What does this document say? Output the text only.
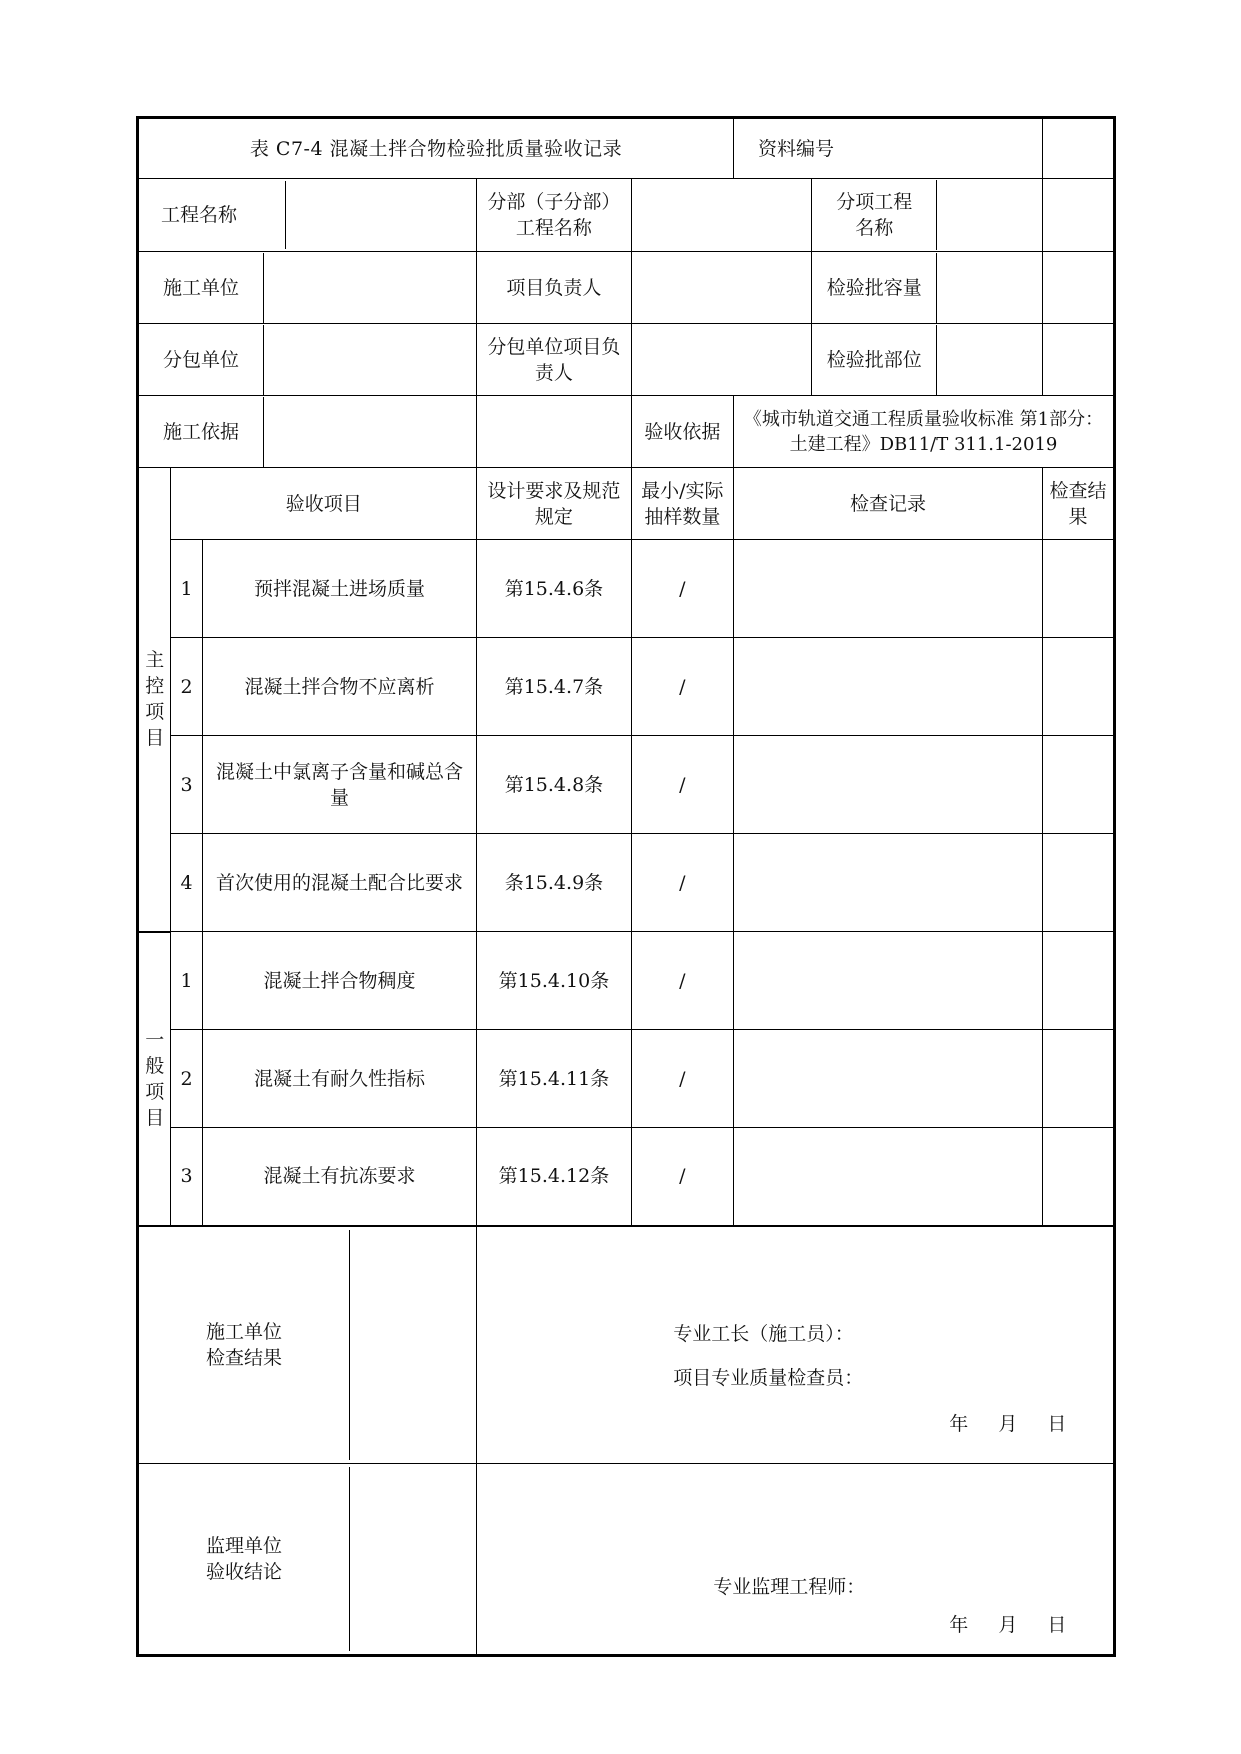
表 C7-4 混凝土拌合物检验批质量验收记录					资料编号		

工程名称			分部（子分部）工程名称			分项工程名称	

施工单位			项目负责人			检验批容量	

分包单位			分包单位项目负责人			检验批部位	

施工依据				验收依据	《城市轨道交通工程质量验收标准 第1部分：土建工程》DB11/T 311.1-2019		

主控项目	验收项目		设计要求及规范规定	最小/实际抽样数量	检查记录		检查结果
	1	预拌混凝土进场质量	第15.4.6条	/			
	2	混凝土拌合物不应离析	第15.4.7条	/			
	3	混凝土中氯离子含量和碱总含量	第15.4.8条	/			
	4	首次使用的混凝土配合比要求	条15.4.9条	/			

一般项目	1	混凝土拌合物稠度	第15.4.10条	/			
	2	混凝土有耐久性指标	第15.4.11条	/			
	3	混凝土有抗冻要求	第15.4.12条	/			

施工单位检查结果			专业工长（施工员）：
项目专业质量检查员：
年 月 日				

监理单位验收结论			专业监理工程师：
年 月 日				
